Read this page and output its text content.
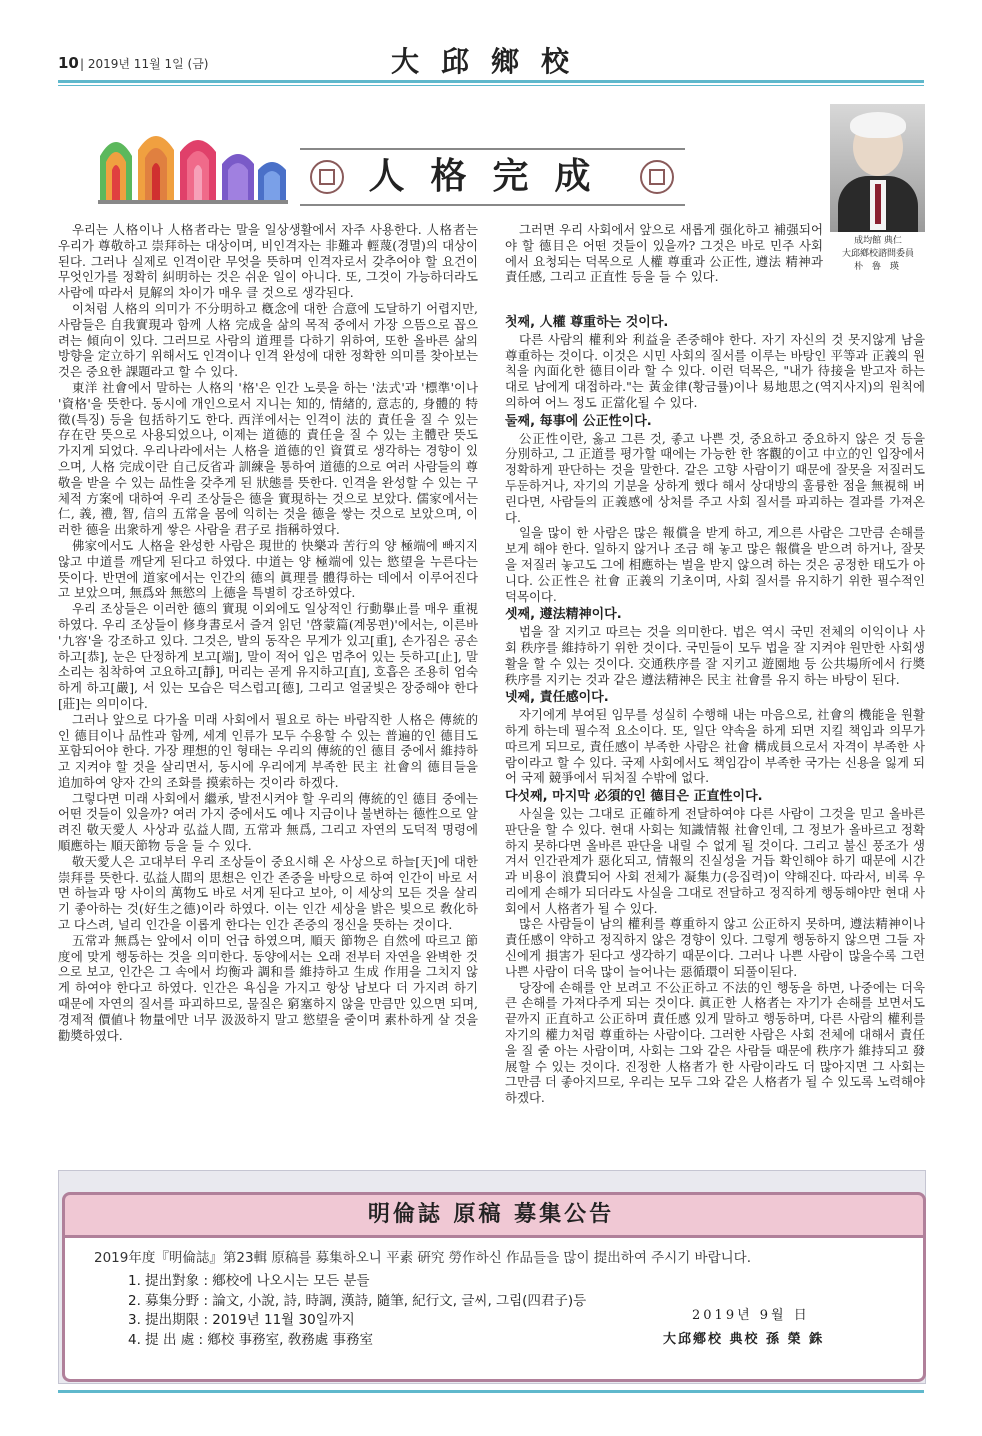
10 | 2019년 11월 1일 (금)	大邱鄉校
人格完成
成均館 典仁
大邱鄕校諮問委員
朴 魯 瑛

우리는 人格이나 人格者라는 말을 일상생활에서 자주 사용한다. 人格者는 우리가 尊敬하고 崇拜하는 대상이며, 비인격자는 非難과 輕蔑(경멸)의 대상이 된다. 그러나 실제로 인격이란 무엇을 뜻하며 인격자로서 갖추어야 할 요건이 무엇인가를 정확히 糾明하는 것은 쉬운 일이 아니다. 또, 그것이 가능하더라도 사람에 따라서 見解의 차이가 매우 클 것으로 생각된다.

이처럼 人格의 의미가 不分明하고 槪念에 대한 合意에 도달하기 어렵지만, 사람들은 自我實現과 함께 人格 完成을 삶의 목적 중에서 가장 으뜸으로 꼽으려는 傾向이 있다. 그러므로 사람의 道理를 다하기 위하여, 또한 올바른 삶의 방향을 定立하기 위해서도 인격이나 인격 완성에 대한 정확한 의미를 찾아보는 것은 중요한 課題라고 할 수 있다.

東洋 社會에서 말하는 人格의 '格'은 인간 노릇을 하는 '法式'과 '標準'이나 '資格'을 뜻한다. 동시에 개인으로서 지니는 知的, 情緖的, 意志的, 身體的 特徵(특징) 등을 包括하기도 한다. 西洋에서는 인격이 法的 責任을 질 수 있는 存在란 뜻으로 사용되었으나, 이제는 道德的 責任을 질 수 있는 主體란 뜻도 가지게 되었다. 우리나라에서는 人格을 道德的인 資質로 생각하는 경향이 있으며, 人格 完成이란 自己反省과 訓練을 통하여 道德的으로 여러 사람들의 尊敬을 받을 수 있는 品性을 갖추게 된 狀態를 뜻한다. 인격을 완성할 수 있는 구체적 方案에 대하여 우리 조상들은 德을 實現하는 것으로 보았다. 儒家에서는 仁, 義, 禮, 智, 信의 五常을 몸에 익히는 것을 德을 쌓는 것으로 보았으며, 이러한 德을 出衆하게 쌓은 사람을 君子로 指稱하였다.

佛家에서도 人格을 완성한 사람은 現世的 快樂과 苦行의 양 極端에 빠지지 않고 中道를 깨닫게 된다고 하였다. 中道는 양 極端에 있는 慾望을 누른다는 뜻이다. 반면에 道家에서는 인간의 德의 眞理를 體得하는 데에서 이루어진다고 보았으며, 無爲와 無慾의 上德을 특별히 강조하였다.

우리 조상들은 이러한 德의 實現 이외에도 일상적인 行動擧止를 매우 重視하였다. 우리 조상들이 修身書로서 즐겨 읽던 '啓蒙篇(계몽편)'에서는, 이른바 '九容'을 강조하고 있다. 그것은, 발의 동작은 무게가 있고[重], 손가짐은 공손하고[恭], 눈은 단정하게 보고[端], 말이 적어 입은 멈추어 있는 듯하고[止], 말소리는 침착하여 고요하고[靜], 머리는 곧게 유지하고[直], 호흡은 조용히 엄숙하게 하고[嚴], 서 있는 모습은 덕스럽고[德], 그리고 얼굴빛은 장중해야 한다[莊]는 의미이다.

그러나 앞으로 다가올 미래 사회에서 필요로 하는 바람직한 人格은 傳統的인 德目이나 品性과 함께, 세계 인류가 모두 수용할 수 있는 普遍的인 德目도 포함되어야 한다. 가장 理想的인 형태는 우리의 傳統的인 德目 중에서 維持하고 지켜야 할 것을 살리면서, 동시에 우리에게 부족한 民主 社會의 德目들을 追加하여 양자 간의 조화를 摸索하는 것이라 하겠다.

그렇다면 미래 사회에서 繼承, 발전시켜야 할 우리의 傳統的인 德目 중에는 어떤 것들이 있을까? 여러 가지 중에서도 예나 지금이나 불변하는 德性으로 알려진 敬天愛人 사상과 弘益人間, 五常과 無爲, 그리고 자연의 도덕적 명령에 順應하는 順天節物 등을 들 수 있다.

敬天愛人은 고대부터 우리 조상들이 중요시해 온 사상으로 하늘[天]에 대한 崇拜를 뜻한다. 弘益人間의 思想은 인간 존중을 바탕으로 하여 인간이 바로 서면 하늘과 땅 사이의 萬物도 바로 서게 된다고 보아, 이 세상의 모든 것을 살리기 좋아하는 것(好生之德)이라 하였다. 이는 인간 세상을 밝은 빛으로 敎化하고 다스려, 널리 인간을 이롭게 한다는 인간 존중의 정신을 뜻하는 것이다.

五常과 無爲는 앞에서 이미 언급 하였으며, 順天 節物은 自然에 따르고 節度에 맞게 행동하는 것을 의미한다. 동양에서는 오래 전부터 자연을 완벽한 것으로 보고, 인간은 그 속에서 均衡과 調和를 維持하고 生成 作用을 그치지 않게 하여야 한다고 하였다. 인간은 욕심을 가지고 항상 남보다 더 가지려 하기 때문에 자연의 질서를 파괴하므로, 물질은 窮塞하지 않을 만큼만 있으면 되며, 경제적 價値나 物量에만 너무 汲汲하지 말고 慾望을 줄이며 素朴하게 살 것을 勸奬하였다.

그러면 우리 사회에서 앞으로 새롭게 强化하고 補强되어야 할 德目은 어떤 것들이 있을까? 그것은 바로 민주 사회에서 요청되는 덕목으로 人權 尊重과 公正性, 遵法 精神과 責任感, 그리고 正直性 등을 들 수 있다.

첫째, 人權 尊重하는 것이다.

다른 사람의 權利와 利益을 존중해야 한다. 자기 자신의 것 못지않게 남을 尊重하는 것이다. 이것은 시민 사회의 질서를 이루는 바탕인 平等과 正義의 원칙을 內面化한 德目이라 할 수 있다. 이런 덕목은, "내가 待接을 받고자 하는 대로 남에게 대접하라."는 黃金律(황금률)이나 易地思之(역지사지)의 원칙에 의하여 어느 정도 正當化될 수 있다.

둘째, 每事에 公正性이다.

公正性이란, 옳고 그른 것, 좋고 나쁜 것, 중요하고 중요하지 않은 것 등을 分別하고, 그 正道를 평가할 때에는 가능한 한 客觀的이고 中立的인 입장에서 정확하게 판단하는 것을 말한다. 같은 고향 사람이기 때문에 잘못을 저질러도 두둔하거나, 자기의 기분을 상하게 했다 해서 상대방의 훌륭한 점을 無視해 버린다면, 사람들의 正義感에 상처를 주고 사회 질서를 파괴하는 결과를 가져온다.

일을 많이 한 사람은 많은 報償을 받게 하고, 게으른 사람은 그만큼 손해를 보게 해야 한다. 일하지 않거나 조금 해 놓고 많은 報償을 받으려 하거나, 잘못을 저질러 놓고도 그에 相應하는 벌을 받지 않으려 하는 것은 공정한 태도가 아니다. 公正性은 社會 正義의 기초이며, 사회 질서를 유지하기 위한 필수적인 덕목이다.

셋째, 遵法精神이다.

법을 잘 지키고 따르는 것을 의미한다. 법은 역시 국민 전체의 이익이나 사회 秩序를 維持하기 위한 것이다. 국민들이 모두 법을 잘 지켜야 원만한 사회생활을 할 수 있는 것이다. 交通秩序를 잘 지키고 遊園地 등 公共場所에서 行奬秩序를 지키는 것과 같은 遵法精神은 民主 社會를 유지 하는 바탕이 된다.

넷째, 責任感이다.

자기에게 부여된 임무를 성실히 수행해 내는 마음으로, 社會의 機能을 원활하게 하는데 필수적 요소이다. 또, 일단 약속을 하게 되면 지킬 책임과 의무가 따르게 되므로, 責任感이 부족한 사람은 社會 構成員으로서 자격이 부족한 사람이라고 할 수 있다. 국제 사회에서도 책임감이 부족한 국가는 신용을 잃게 되어 국제 競爭에서 뒤처질 수밖에 없다.

다섯째, 마지막 必須的인 德目은 正直性이다.

사실을 있는 그대로 正確하게 전달하여야 다른 사람이 그것을 믿고 올바른 판단을 할 수 있다. 현대 사회는 知識情報 社會인데, 그 정보가 올바르고 정확하지 못하다면 올바른 판단을 내릴 수 없게 될 것이다. 그리고 불신 풍조가 생겨서 인간관계가 惡化되고, 情報의 진실성을 거듭 확인해야 하기 때문에 시간과 비용이 浪費되어 사회 전체가 凝集力(응집력)이 약해진다. 따라서, 비록 우리에게 손해가 되더라도 사실을 그대로 전달하고 정직하게 행동해야만 현대 사회에서 人格者가 될 수 있다.

많은 사람들이 남의 權利를 尊重하지 않고 公正하지 못하며, 遵法精神이나 責任感이 약하고 정직하지 않은 경향이 있다. 그렇게 행동하지 않으면 그들 자신에게 損害가 된다고 생각하기 때문이다. 그러나 나쁜 사람이 많을수록 그런 나쁜 사람이 더욱 많이 늘어나는 惡循環이 되풀이된다.

당장에 손해를 안 보려고 不公正하고 不法的인 행동을 하면, 나중에는 더욱 큰 손해를 가져다주게 되는 것이다. 眞正한 人格者는 자기가 손해를 보면서도 끝까지 正直하고 公正하며 責任感 있게 말하고 행동하며, 다른 사람의 權利를 자기의 權力처럼 尊重하는 사람이다. 그러한 사람은 사회 전체에 대해서 責任을 질 줄 아는 사람이며, 사회는 그와 같은 사람들 때문에 秩序가 維持되고 發展할 수 있는 것이다. 진정한 人格者가 한 사람이라도 더 많아지면 그 사회는 그만큼 더 좋아지므로, 우리는 모두 그와 같은 人格者가 될 수 있도록 노력해야 하겠다.

明倫誌 原稿 募集公告
2019年度『明倫誌』第23輯 原稿를 募集하오니 平素 硏究 勞作하신 作品들을 많이 提出하여 주시기 바랍니다.
1. 提出對象 : 鄕校에 나오시는 모든 분들
2. 募集分野 : 論文, 小說, 詩, 時調, 漢詩, 隨筆, 紀行文, 글씨, 그림(四君子)등
3. 提出期限 : 2019년 11월 30일까지
4. 提 出 處 : 鄕校 事務室, 敎務處 事務室
2019년 9월 日
大邱鄕校 典校 孫 榮 銖
